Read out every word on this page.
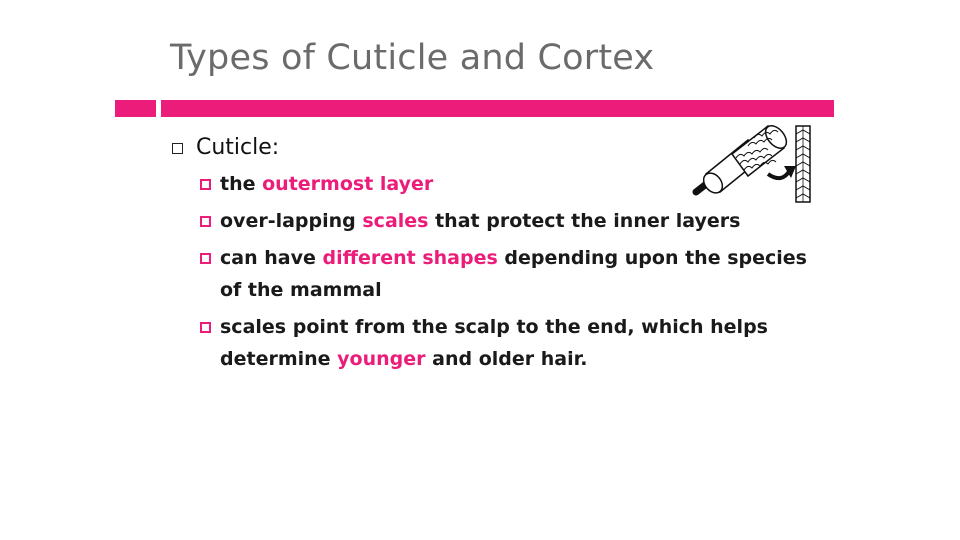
Types of Cuticle and Cortex
Cuticle:
the outermost layer
over-lapping scales that protect the inner layers
can have different shapes depending upon the species
of the mammal
scales point from the scalp to the end, which helps
determine younger and older hair.
